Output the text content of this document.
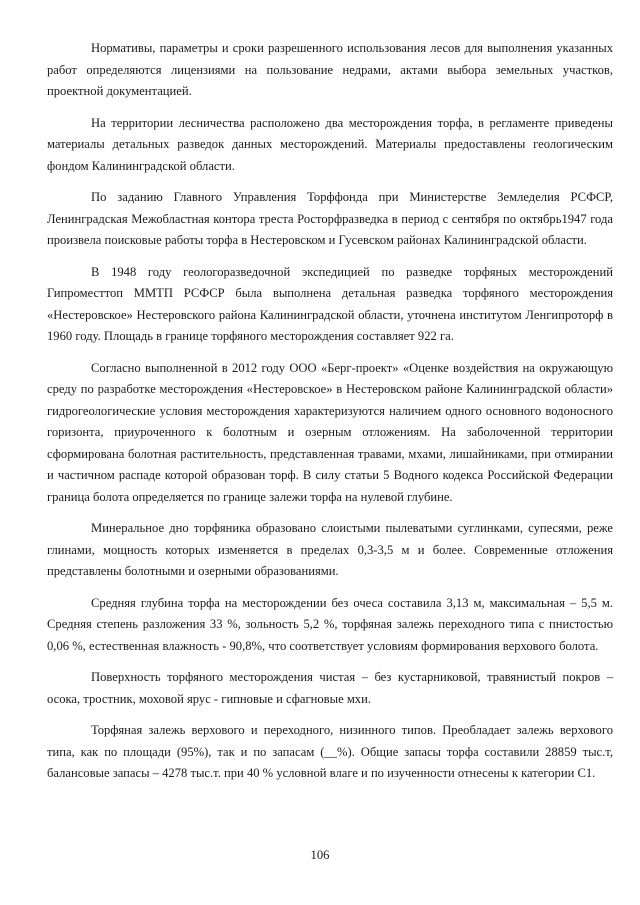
Нормативы, параметры и сроки разрешенного использования лесов для выполнения указанных работ определяются лицензиями на пользование недрами, актами выбора земельных участков, проектной документацией.

На территории лесничества расположено два месторождения торфа, в регламенте приведены материалы детальных разведок данных месторождений. Материалы предоставлены геологическим фондом Калининградской области.

По заданию Главного Управления Торффонда при Министерстве Земледелия РСФСР, Ленинградская Межобластная контора треста Росторфразведка в период с сентября по октябрь1947 года произвела поисковые работы торфа в Нестеровском и Гусевском районах Калининградской области.

В 1948 году геологоразведочной экспедицией по разведке торфяных месторождений Гипроместтоп ММТП РСФСР была выполнена детальная разведка торфяного месторождения «Нестеровское» Нестеровского района Калининградской области, уточнена институтом Ленгипроторф в 1960 году. Площадь в границе торфяного месторождения составляет 922 га.

Согласно выполненной в 2012 году ООО «Берг-проект» «Оценке воздействия на окружающую среду по разработке месторождения «Нестеровское» в Нестеровском районе Калининградской области» гидрогеологические условия месторождения характеризуются наличием одного основного водоносного горизонта, приуроченного к болотным и озерным отложениям. На заболоченной территории сформирована болотная растительность, представленная травами, мхами, лишайниками, при отмирании и частичном распаде которой образован торф. В силу статьи 5 Водного кодекса Российской Федерации граница болота определяется по границе залежи торфа на нулевой глубине.

Минеральное дно торфяника образовано слоистыми пылеватыми суглинками, супесями, реже глинами, мощность которых изменяется в пределах 0,3-3,5 м и более. Современные отложения представлены болотными и озерными образованиями.

Средняя глубина торфа на месторождении без очеса составила 3,13 м, максимальная – 5,5 м. Средняя степень разложения 33 %, зольность 5,2 %, торфяная залежь переходного типа с пнистостью 0,06 %, естественная влажность - 90,8%, что соответствует условиям формирования верхового болота.

Поверхность торфяного месторождения чистая – без кустарниковой, травянистый покров – осока, тростник, моховой ярус - гипновые и сфагновые мхи.

Торфяная залежь верхового и переходного, низинного типов. Преобладает залежь верхового типа, как по площади (95%), так и по запасам (__%). Общие запасы торфа составили 28859 тыс.т, балансовые запасы – 4278 тыс.т. при 40 % условной влаге и по изученности отнесены к категории С1.

106
